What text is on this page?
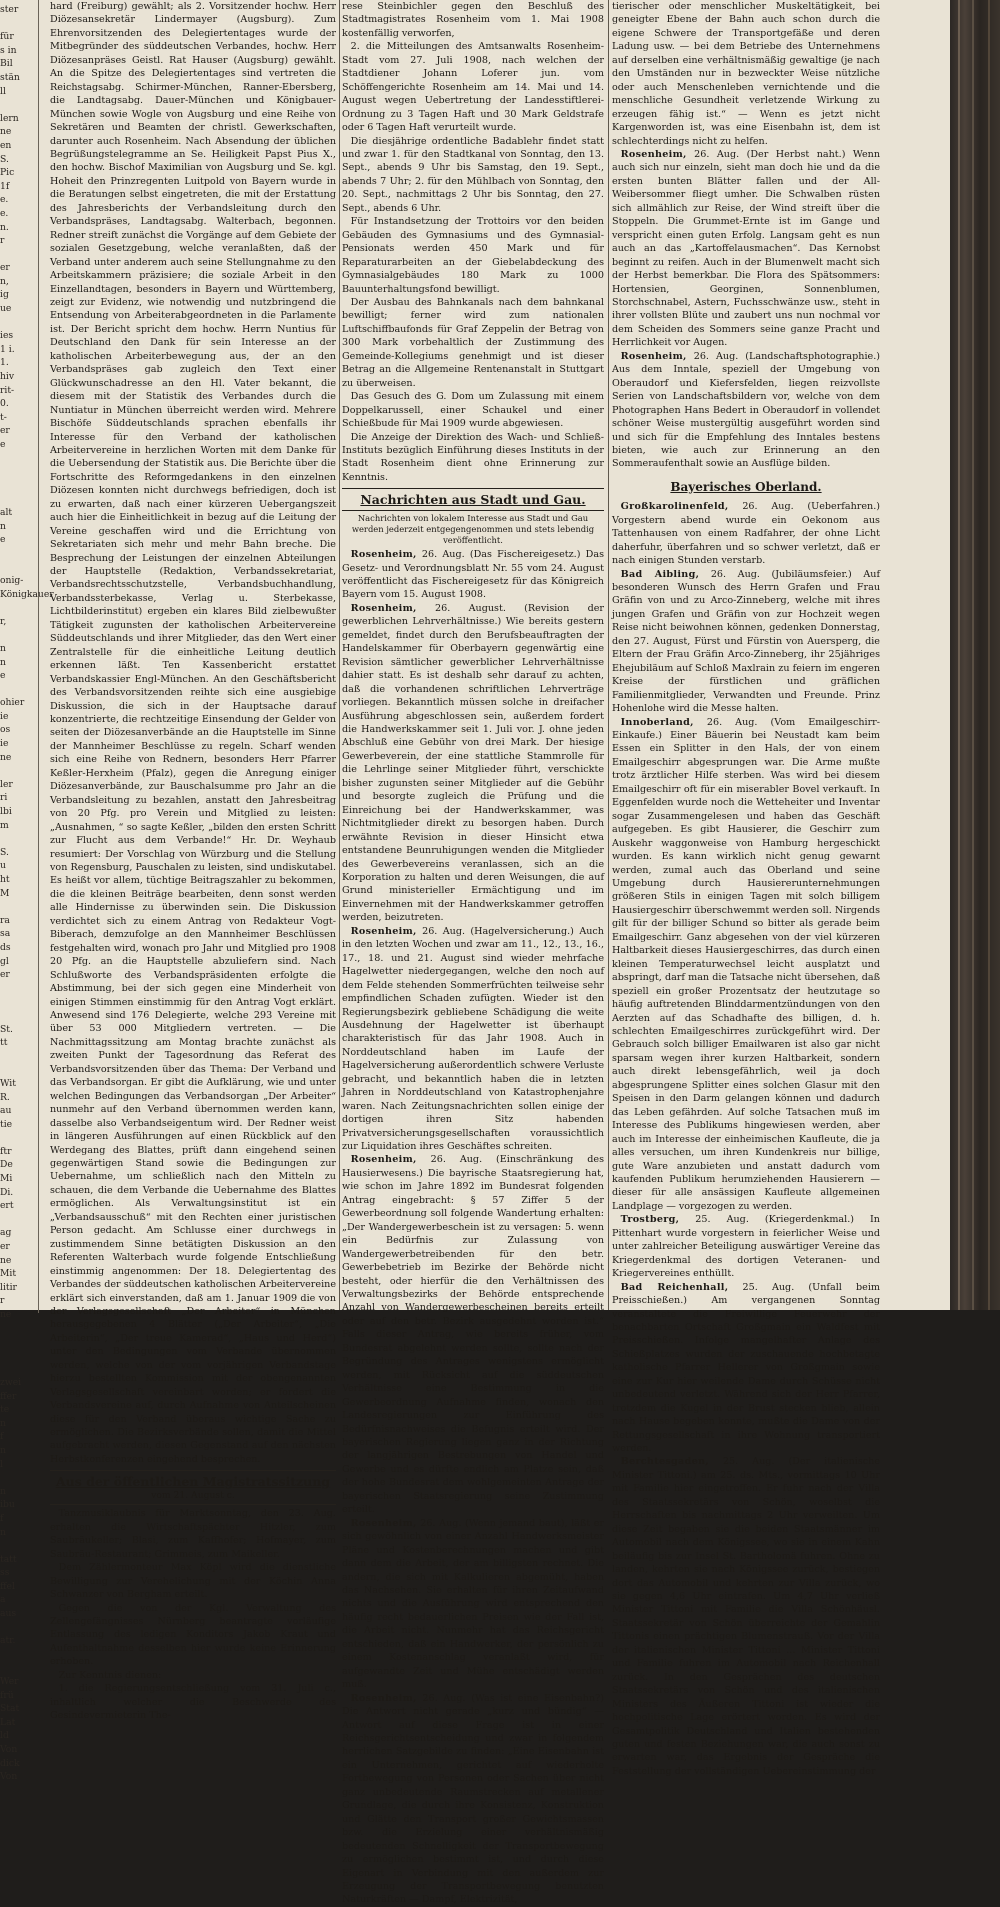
ster

für
s in
Bil
stän
ll

lern
ne
en
S.
Pic
1f
e.
e.
n.
r

er
n,
ig
ue

ies
1 i.
1.
hiv
rit-
0.
t-
er
e

alt
n
e

onig-
Königkauer

r,

n
n
e

ohier
ie
os
ie
ne

ler
ri
lbi
m

S.
u
ht
M

ra
sa
ds
gl
er

St.
tt

Wit
R.
au
tie

ftr
De
Mi
Di.
ert

ag
er
ne
Mit
litir
r
ne

zwei
ffer
te
n
f
n
l

n
ibu
f
n

tatt
ss
ffel
a
aus

atr.

Wer
frü
Stat
Lat
ld
Von
dick
Von

hard (Freiburg) gewählt; als 2. Vorsitzender hochw. Herr Diözesansekretär Lindermayer (Augsburg). Zum Ehrenvorsitzenden des Delegiertentages wurde der Mitbegründer des süddeutschen Verbandes, hochw. Herr Diözesanpräses Geistl. Rat Hauser (Augsburg) gewählt. An die Spitze des Delegiertentages sind vertreten die Reichstagsabg. Schirmer-München, Ranner-Ebersberg, die Landtagsabg. Dauer-München und Königbauer-München sowie Wogle von Augsburg und eine Reihe von Sekretären und Beamten der christl. Gewerkschaften, darunter auch Rosenheim. Nach Absendung der üblichen Begrüßungstelegramme an Se. Heiligkeit Papst Pius X., den hochw. Bischof Maximilian von Augsburg und Se. kgl. Hoheit den Prinzregenten Luitpold von Bayern wurde in die Beratungen selbst eingetreten, die mit der Erstattung des Jahresberichts der Verbandsleitung durch den Verbandspräses, Landtagsabg. Walterbach, begonnen. Redner streift zunächst die Vorgänge auf dem Gebiete der sozialen Gesetzgebung, welche veranlaßten, daß der Verband unter anderem auch seine Stellungnahme zu den Arbeitskammern präzisiere; die soziale Arbeit in den Einzellandtagen, besonders in Bayern und Württemberg, zeigt zur Evidenz, wie notwendig und nutzbringend die Entsendung von Arbeiterabgeordneten in die Parlamente ist. Der Bericht spricht dem hochw. Herrn Nuntius für Deutschland den Dank für sein Interesse an der katholischen Arbeiterbewegung aus, der an den Verbandspräses gab zugleich den Text einer Glückwunschadresse an den Hl. Vater bekannt, die diesem mit der Statistik des Verbandes durch die Nuntiatur in München überreicht werden wird. Mehrere Bischöfe Süddeutschlands sprachen ebenfalls ihr Interesse für den Verband der katholischen Arbeitervereine in herzlichen Worten mit dem Danke für die Uebersendung der Statistik aus. Die Berichte über die Fortschritte des Reformgedankens in den einzelnen Diözesen konnten nicht durchwegs befriedigen, doch ist zu erwarten, daß nach einer kürzeren Uebergangszeit auch hier die Einheitlichkeit in bezug auf die Leitung der Vereine geschaffen wird und die Errichtung von Sekretariaten sich mehr und mehr Bahn breche. Die Besprechung der Leistungen der einzelnen Abteilungen der Hauptstelle (Redaktion, Verbandssekretariat, Verbandsrechtsschutzstelle, Verbandsbuchhandlung, Verbandssterbekasse, Verlag u. Sterbekasse, Lichtbilderinstitut) ergeben ein klares Bild zielbewußter Tätigkeit zugunsten der katholischen Arbeitervereine Süddeutschlands und ihrer Mitglieder, das den Wert einer Zentralstelle für die einheitliche Leitung deutlich erkennen läßt. Ten Kassenbericht erstattet Verbandskassier Engl-München. An den Geschäftsbericht des Verbandsvorsitzenden reihte sich eine ausgiebige Diskussion, die sich in der Hauptsache darauf konzentrierte, die rechtzeitige Einsendung der Gelder von seiten der Diözesanverbände an die Hauptstelle im Sinne der Mannheimer Beschlüsse zu regeln. Scharf wenden sich eine Reihe von Rednern, besonders Herr Pfarrer Keßler-Herxheim (Pfalz), gegen die Anregung einiger Diözesanverbände, zur Bauschalsumme pro Jahr an die Verbandsleitung zu bezahlen, anstatt den Jahresbeitrag von 20 Pfg. pro Verein und Mitglied zu leisten: „Ausnahmen, “ so sagte Keßler, „bilden den ersten Schritt zur Flucht aus dem Verbande!“ Hr. Dr. Weyhaub resumiert: Der Vorschlag von Würzburg und die Stellung von Regensburg, Pauschalen zu leisten, sind undiskutabel. Es heißt vor allem, tüchtige Beitragszahler zu bekommen, die die kleinen Beiträge bearbeiten, denn sonst werden alle Hindernisse zu überwinden sein. Die Diskussion verdichtet sich zu einem Antrag von Redakteur Vogt-Biberach, demzufolge an den Mannheimer Beschlüssen festgehalten wird, wonach pro Jahr und Mitglied pro 1908 20 Pfg. an die Hauptstelle abzuliefern sind. Nach Schlußworte des Verbandspräsidenten erfolgte die Abstimmung, bei der sich gegen eine Minderheit von einigen Stimmen einstimmig für den Antrag Vogt erklärt. Anwesend sind 176 Delegierte, welche 293 Vereine mit über 53 000 Mitgliedern vertreten. — Die Nachmittagssitzung am Montag brachte zunächst als zweiten Punkt der Tagesordnung das Referat des Verbandsvorsitzenden über das Thema: Der Verband und das Verbandsorgan. Er gibt die Aufklärung, wie und unter welchen Bedingungen das Verbandsorgan „Der Arbeiter“ nunmehr auf den Verband übernommen werden kann, dasselbe also Verbandseigentum wird. Der Redner weist in längeren Ausführungen auf einen Rückblick auf den Werdegang des Blattes, prüft dann eingehend seinen gegenwärtigen Stand sowie die Bedingungen zur Uebernahme, um schließlich nach den Mitteln zu schauen, die dem Verbande die Uebernahme des Blattes ermöglichen. Als Verwaltungsinstitut ist ein „Verbandsausschuß“ mit den Rechten einer juristischen Person gedacht. Am Schlusse einer durchwegs in zustimmendem Sinne betätigten Diskussion an den Referenten Walterbach wurde folgende Entschließung einstimmig angenommen: Der 18. Delegiertentag des Verbandes der süddeutschen katholischen Arbeitervereine erklärt sich einverstanden, daß am 1. Januar 1909 die von der Verlagsgesellschaft „Der Arbeiter“ in München herausgegebenen 4 Blätter („Der Arbeiter“, „Die Arbeiterin“, „Der treue Kamerad“, „Haus und Herd“) unter den Bedingungen vom Verbande übernommen werden, welche von der vom vorjährigen Verbandstage hierzu bestellten Kommission mit der obengenannten Verlagsgesellschaft vereinbart worden; er fordert die Verbandsvereine auf, durch Aufnahme von Anteilscheinen diese für den Verband überaus wichtige Sache zu ermöglichen. Die Bezirksverbände sollen, damit die Mittel aufgebracht werden, diesen Gegenstand auf den nächsten Herbstkonferenzen eingehend besprechen.

Aus der öffentlichen Magistratssitzung
vom 21. August c.

Tanzmusiklaubnis für Marktsonntag, den 23. Aug. erhalten die Wirtschaftspächter Hitzler, zum Saubräukeller; Blasi, zum Kaffhofer; Hofmayer, zum Saubräu-Restaurant; Grimmeis, zum Maikeller.

Dem Zählermonteur Max Köpl wird die dienstliche Bewilligung zur Verehelichung mit der Köchin Anna Schwanzer von Bergham erteilt.

Gegen die von der Kgl. Verwaltung des Zellengefängnisses Nürnberg beantragte vorläufige Entlassung des ledigen Konditors Jakob Kraut und Aufenthaltnahme desselben hier wurde keine Erinnerung erhoben.

Zur Kenntnis dienen:

1. die Regierungsentschließung vom 31. Juli c., inhaltlich welcher die Beschwerde des Gesindevermieterin The-

rese Steinbichler gegen den Beschluß des Stadtmagistrates Rosenheim vom 1. Mai 1908 kostenfällig verworfen,

2. die Mitteilungen des Amtsanwalts Rosenheim-Stadt vom 27. Juli 1908, nach welchen der Stadtdiener Johann Loferer jun. vom Schöffengerichte Rosenheim am 14. Mai und 14. August wegen Uebertretung der Landesstiftlerei-Ordnung zu 3 Tagen Haft und 30 Mark Geldstrafe oder 6 Tagen Haft verurteilt wurde.

Die diesjährige ordentliche Badablehr findet statt und zwar 1. für den Stadtkanal von Sonntag, den 13. Sept., abends 9 Uhr bis Samstag, den 19. Sept., abends 7 Uhr; 2. für den Mühlbach von Sonntag, den 20. Sept., nachmittags 2 Uhr bis Sonntag, den 27. Sept., abends 6 Uhr.

Für Instandsetzung der Trottoirs vor den beiden Gebäuden des Gymnasiums und des Gymnasial-Pensionats werden 450 Mark und für Reparaturarbeiten an der Giebelabdeckung des Gymnasialgebäudes 180 Mark zu 1000 Bauunterhaltungsfond bewilligt.

Der Ausbau des Bahnkanals nach dem bahnkanal bewilligt; ferner wird zum nationalen Luftschiffbaufonds für Graf Zeppelin der Betrag von 300 Mark vorbehaltlich der Zustimmung des Gemeinde-Kollegiums genehmigt und ist dieser Betrag an die Allgemeine Rentenanstalt in Stuttgart zu überweisen.

Das Gesuch des G. Dom um Zulassung mit einem Doppelkarussell, einer Schaukel und einer Schießbude für Mai 1909 wurde abgewiesen.

Die Anzeige der Direktion des Wach- und Schließ-Instituts bezüglich Einführung dieses Instituts in der Stadt Rosenheim dient ohne Erinnerung zur Kenntnis.

Nachrichten aus Stadt und Gau.
Nachrichten von lokalem Interesse aus Stadt und Gau werden jederzeit entgegengenommen und stets lebendig veröffentlicht.

Rosenheim, 26. Aug. (Das Fischereigesetz.) Das Gesetz- und Verordnungsblatt Nr. 55 vom 24. August veröffentlicht das Fischereigesetz für das Königreich Bayern vom 15. August 1908.

Rosenheim, 26. August. (Revision der gewerblichen Lehrverhältnisse.) Wie bereits gestern gemeldet, findet durch den Berufsbeauftragten der Handelskammer für Oberbayern gegenwärtig eine Revision sämtlicher gewerblicher Lehrverhältnisse dahier statt. Es ist deshalb sehr darauf zu achten, daß die vorhandenen schriftlichen Lehrverträge vorliegen. Bekanntlich müssen solche in dreifacher Ausführung abgeschlossen sein, außerdem fordert die Handwerkskammer seit 1. Juli vor. J. ohne jeden Abschluß eine Gebühr von drei Mark. Der hiesige Gewerbeverein, der eine stattliche Stammrolle für die Lehrlinge seiner Mitglieder führt, verschickte bisher zugunsten seiner Mitglieder auf die Gebühr und besorgte zugleich die Prüfung und die Einreichung bei der Handwerkskammer, was Nichtmitglieder direkt zu besorgen haben. Durch erwähnte Revision in dieser Hinsicht etwa entstandene Beunruhigungen wenden die Mitglieder des Gewerbevereins veranlassen, sich an die Korporation zu halten und deren Weisungen, die auf Grund ministerieller Ermächtigung und im Einvernehmen mit der Handwerkskammer getroffen werden, beizutreten.

Rosenheim, 26. Aug. (Hagelversicherung.) Auch in den letzten Wochen und zwar am 11., 12., 13., 16., 17., 18. und 21. August sind wieder mehrfache Hagelwetter niedergegangen, welche den noch auf dem Felde stehenden Sommerfrüchten teilweise sehr empfindlichen Schaden zufügten. Wieder ist den Regierungsbezirk gebliebene Schädigung die weite Ausdehnung der Hagelwetter ist überhaupt charakteristisch für das Jahr 1908. Auch in Norddeutschland haben im Laufe der Hagelversicherung außerordentlich schwere Verluste gebracht, und bekanntlich haben die in letzten Jahren in Norddeutschland von Katastrophenjahre waren. Nach Zeitungsnachrichten sollen einige der dortigen ihren Sitz habenden Privatversicherungsgesellschaften voraussichtlich zur Liquidation ihres Geschäftes schreiten.

Rosenheim, 26. Aug. (Einschränkung des Hausierwesens.) Die bayrische Staatsregierung hat, wie schon im Jahre 1892 im Bundesrat folgenden Antrag eingebracht: § 57 Ziffer 5 der Gewerbeordnung soll folgende Wandertung erhalten: „Der Wandergewerbeschein ist zu versagen: 5. wenn ein Bedürfnis zur Zulassung von Wandergewerbetreibenden für den betr. Gewerbebetrieb im Bezirke der Behörde nicht besteht, oder hierfür die den Verhältnissen des Verwaltungsbezirks der Behörde entsprechende Anzahl von Wandergewerbescheinen bereits erteilt oder auf den betr. Bezirk ausgedehnt worden ist.“ Falls dieser Antrag, wie bereits früher, vom Bundesrat abgelehnt werden sollte, sollte nach der Begründung des Antrages wenigstens ermöglicht werden, mit Rücksicht auf die süddeutschen Verhältnisse eine Bestimmung in die Gewerbeordnung Aufnahme finden, wonach den Landesregierungen zur Einführung des Bedürfnisnachweises die Befugnis erteilt wird. Der bayerischen Regierung liegen ganz in der Richtung der langjährigen Bestrebungen von Handel und Gewerbe und es dürfte endlich am Platze sein, daß der hohe Bundesrat dem wohlgemeinten Antrage der bayerischen Staatsregierung seine Zustimmung erteilt.

Rosenheim, 26. Aug. (Wenn jemand baut), läßt er sich gewöhnlich von einer Anzahl Handwerksmeister Pläne und Kostenberechnungen machen und gibt dann dem die Arbeit, der am billigsten rechnet. Die andern, die sich mit Kalkulieren abgemüht, haben das Nachsehen. Sie erhalten für ihren Zeitaufwand nichts und die Ausführung wird entsprechend den häufig recht bedauerlichen Preisen wie der Fall ist, die Arbeit nicht. Nunmehr hat das Reichsgericht entschieden, daß ein Handwerker, der persönlich zu einem Kostenanschlag veranlaßt wird, für aufgewandte Zeit und Mühe entschädigt werden muß.

Rosenheim, 26. Aug. (Was ist eine Eisenbahn?) Die Antwort nicht gerade „kurz und bündig“ — Antwort auf diese Frage ist in einer Reichsgerichtsentscheidung und zwar in folgendem herrlichen Satzgebilde zu finden: „Eine Eisenbahn ist ein Unternehmen, gerichtet auf wiederholte Fortbewegung von Personen oder Sachen über nicht ganz unbedeutende Raumstrecken auf metallener Grundlage, die durch ihre Konsistenz, Konstruktion und Glätte den Transport großer Gewichtsmassen bzw. die Erzielung einer verhältnismäßig bedeutenden Schnelligkeit der Transportbewegung zu ermöglichen bestimmt ist, und durch diese Eigenart in Verbindung mit den außerdem zur Erzeugung der Transportbewegung benutzten Naturkräften — Dampf, Elektrizität,

tierischer oder menschlicher Muskeltätigkeit, bei geneigter Ebene der Bahn auch schon durch die eigene Schwere der Transportgefäße und deren Ladung usw. — bei dem Betriebe des Unternehmens auf derselben eine verhältnismäßig gewaltige (je nach den Umständen nur in bezweckter Weise nützliche oder auch Menschenleben vernichtende und die menschliche Gesundheit verletzende Wirkung zu erzeugen fähig ist.“ — Wenn es jetzt nicht Kargenworden ist, was eine Eisenbahn ist, dem ist schlechterdings nicht zu helfen.

Rosenheim, 26. Aug. (Der Herbst naht.) Wenn auch sich nur einzeln, sieht man doch hie und da die ersten bunten Blätter fallen und der All-Weibersommer fliegt umher. Die Schwalben rüsten sich allmählich zur Reise, der Wind streift über die Stoppeln. Die Grummet-Ernte ist im Gange und verspricht einen guten Erfolg. Langsam geht es nun auch an das „Kartoffelausmachen“. Das Kernobst beginnt zu reifen. Auch in der Blumenwelt macht sich der Herbst bemerkbar. Die Flora des Spätsommers: Hortensien, Georginen, Sonnenblumen, Storchschnabel, Astern, Fuchsschwänze usw., steht in ihrer vollsten Blüte und zaubert uns nun nochmal vor dem Scheiden des Sommers seine ganze Pracht und Herrlichkeit vor Augen.

Rosenheim, 26. Aug. (Landschaftsphotographie.) Aus dem Inntale, speziell der Umgebung von Oberaudorf und Kiefersfelden, liegen reizvollste Serien von Landschaftsbildern vor, welche von dem Photographen Hans Bedert in Oberaudorf in vollendet schöner Weise mustergültig ausgeführt worden sind und sich für die Empfehlung des Inntales bestens bieten, wie auch zur Erinnerung an den Sommeraufenthalt sowie an Ausflüge bilden.

Bayerisches Oberland.

Großkarolinenfeld, 26. Aug. (Ueberfahren.) Vorgestern abend wurde ein Oekonom aus Tattenhausen von einem Radfahrer, der ohne Licht daherfuhr, überfahren und so schwer verletzt, daß er nach einigen Stunden verstarb.

Bad Aibling, 26. Aug. (Jubiläumsfeier.) Auf besonderen Wunsch des Herrn Grafen und Frau Gräfin von und zu Arco-Zinneberg, welche mit ihres jungen Grafen und Gräfin von zur Hochzeit wegen Reise nicht beiwohnen können, gedenken Donnerstag, den 27. August, Fürst und Fürstin von Auersperg, die Eltern der Frau Gräfin Arco-Zinneberg, ihr 25jähriges Ehejubiläum auf Schloß Maxlrain zu feiern im engeren Kreise der fürstlichen und gräflichen Familienmitglieder, Verwandten und Freunde. Prinz Hohenlohe wird die Messe halten.

Innoberland, 26. Aug. (Vom Emailgeschirr-Einkaufe.) Einer Bäuerin bei Neustadt kam beim Essen ein Splitter in den Hals, der von einem Emailgeschirr abgesprungen war. Die Arme mußte trotz ärztlicher Hilfe sterben. Was wird bei diesem Emailgeschirr oft für ein miserabler Bovel verkauft. In Eggenfelden wurde noch die Wetteheiter und Inventar sogar Zusammengelesen und haben das Geschäft aufgegeben. Es gibt Hausierer, die Geschirr zum Auskehr waggonweise von Hamburg hergeschickt wurden. Es kann wirklich nicht genug gewarnt werden, zumal auch das Oberland und seine Umgebung durch Hausiererunternehmungen größeren Stils in einigen Tagen mit solch billigem Hausiergeschirr überschwemmt werden soll. Nirgends gilt für der billiger Schund so bitter als gerade beim Emailgeschirr. Ganz abgesehen von der viel kürzeren Haltbarkeit dieses Hausiergeschirres, das durch einen kleinen Temperaturwechsel leicht ausplatzt und abspringt, darf man die Tatsache nicht übersehen, daß speziell ein großer Prozentsatz der heutzutage so häufig auftretenden Blinddarmentzündungen von den Aerzten auf das Schadhafte des billigen, d. h. schlechten Emailgeschirres zurückgeführt wird. Der Gebrauch solch billiger Emailwaren ist also gar nicht sparsam wegen ihrer kurzen Haltbarkeit, sondern auch direkt lebensgefährlich, weil ja doch abgesprungene Splitter eines solchen Glasur mit den Speisen in den Darm gelangen können und dadurch das Leben gefährden. Auf solche Tatsachen muß im Interesse des Publikums hingewiesen werden, aber auch im Interesse der einheimischen Kaufleute, die ja alles versuchen, um ihren Kundenkreis nur billige, gute Ware anzubieten und anstatt dadurch vom kaufenden Publikum herumziehenden Hausierern — dieser für alle ansässigen Kaufleute allgemeinen Landplage — vorgezogen zu werden.

Trostberg, 25. Aug. (Kriegerdenkmal.) In Pittenhart wurde vorgestern in feierlicher Weise und unter zahlreicher Beteiligung auswärtiger Vereine das Kriegerdenkmal des dortigen Veteranen- und Kriegervereines enthüllt.

Bad Reichenhall, 25. Aug. (Unfall beim Preisschießen.) Am vergangenen Sonntag veranstaltete die Freiwillige Feuerwehr der benachbarten Ortschaft Großgmain ein Waldfest mit Preisschießen. Infolge mangelhafter Anlage des Schießplatzes wurden der zuschauende hochbetagte katholische Pfarrer Hellerer von Großgmain sowie eine zur Kur hier weilende Dame durch Schüsse nicht unbedeutend verletzt. Während sich der Herr Pfarrer, trotzdem die Kugel in der Brust stecken blieb, allein nach Hause begeben konnte, mußte die Dame von der Rettungsgesellschaft in ihre Wohnung transportiert werden.

Berchtesgaden, 25. Aug. (Der italienische Minister Tittoni.) am 25. ds. Mts., vormittags 10 Uhr mit Familie hier eingetroffen. Er fuhr nach der Villa des Staatssekretärs von Schön, woselbst die Herrschaften bis nachmittags 2 Uhr verweilten. Um diese Zeit begaben sie die beiden Staatsmänner im Automobil nach dem Königssee, wo sie in einem Kahn beiläufig bis zur Insel St. Bartholomä fuhren. Ohne zu landen, kehrten sie nach Königssee zurück, bestiegen dort das Automobil und kehrten zur Villa zurück, wo sie gegen 4,6 Uhr eintrafen. Um 4,7 Uhr verließ Minister Tittoni mit Familie die Villa Schönhäusl. Staatssekretär von Schön überreichte der Gemahlin Tittonis einen prächtigen Blumenstrauß. Vor der Villa der italienischen Minister Tittoni ... Minister Tittoni und Familie fuhren im Automobil nach Reichenhall zurück. In den Gesprächen des deutschen Staatssekretärs von Schön und des italienischen Ministers des Äußeren Tittoni ist wieder die hochpolitische Lage erörtert worden. Es wird der Gesamtpolitik Deutschland und Italien bestehenden guten und festen Beziehungen war, die auch sonst zu erwarten war, das Ergebnis der Gespräche die Feststellung der vollständigen Uebereinstimmung der
